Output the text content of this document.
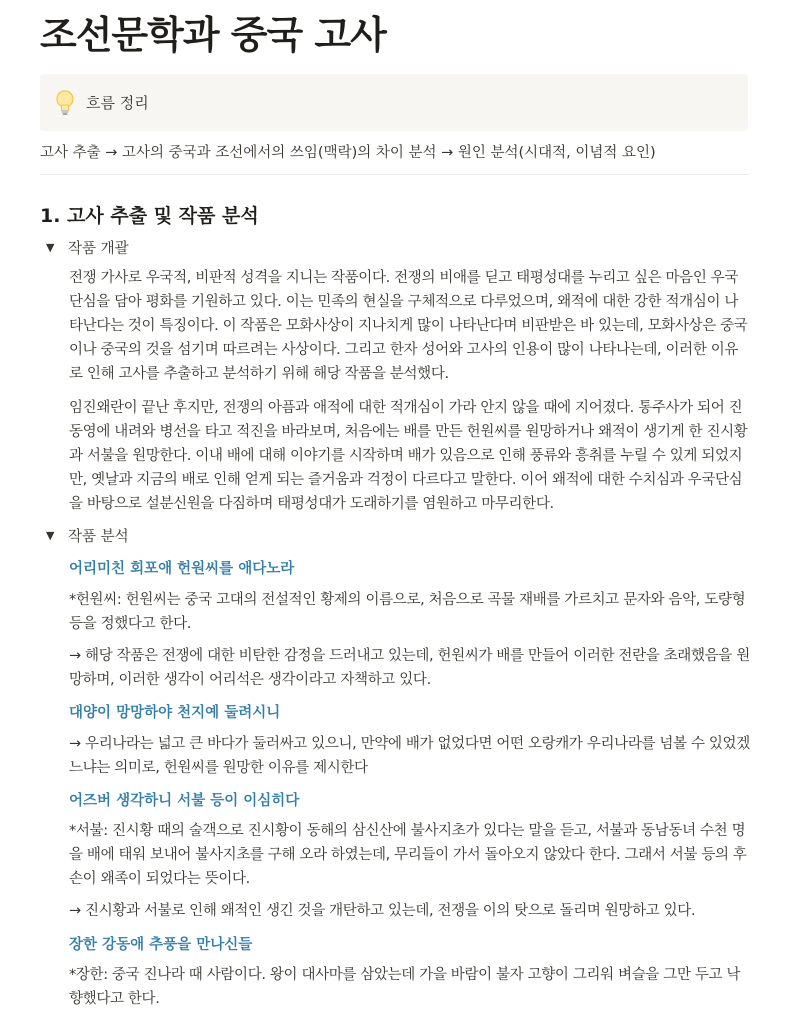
조선문학과 중국 고사
흐름 정리
고사 추출 → 고사의 중국과 조선에서의 쓰임(맥락)의 차이 분석 → 원인 분석(시대적, 이념적 요인)
1. 고사 추출 및 작품 분석
▼ 작품 개괄

전쟁 가사로 우국적, 비판적 성격을 지니는 작품이다. 전쟁의 비애를 딛고 태평성대를 누리고 싶은 마음인 우국단심을 담아 평화를 기원하고 있다. 이는 민족의 현실을 구체적으로 다루었으며, 왜적에 대한 강한 적개심이 나타난다는 것이 특징이다. 이 작품은 모화사상이 지나치게 많이 나타난다며 비판받은 바 있는데, 모화사상은 중국이나 중국의 것을 섬기며 따르려는 사상이다. 그리고 한자 성어와 고사의 인용이 많이 나타나는데, 이러한 이유로 인해 고사를 추출하고 분석하기 위해 해당 작품을 분석했다.

임진왜란이 끝난 후지만, 전쟁의 아픔과 애적에 대한 적개심이 가라 안지 않을 때에 지어졌다. 통주사가 되어 진동영에 내려와 병선을 타고 적진을 바라보며, 처음에는 배를 만든 헌원씨를 원망하거나 왜적이 생기게 한 진시황과 서불을 원망한다. 이내 배에 대해 이야기를 시작하며 배가 있음으로 인해 풍류와 흥취를 누릴 수 있게 되었지만, 옛날과 지금의 배로 인해 얻게 되는 즐거움과 걱정이 다르다고 말한다. 이어 왜적에 대한 수치심과 우국단심을 바탕으로 설분신원을 다짐하며 태평성대가 도래하기를 염원하고 마무리한다.

▼ 작품 분석

어리미친 회포애 헌원씨를 애다노라

*헌원씨: 헌원씨는 중국 고대의 전설적인 황제의 이름으로, 처음으로 곡물 재배를 가르치고 문자와 음악, 도량형 등을 정했다고 한다.

→ 해당 작품은 전쟁에 대한 비탄한 감정을 드러내고 있는데, 헌원씨가 배를 만들어 이러한 전란을 초래했음을 원망하며, 이러한 생각이 어리석은 생각이라고 자책하고 있다.

대양이 망망하야 천지예 둘려시니

→ 우리나라는 넓고 큰 바다가 둘러싸고 있으니, 만약에 배가 없었다면 어떤 오랑캐가 우리나라를 넘볼 수 있었겠느냐는 의미로, 헌원씨를 원망한 이유를 제시한다

어즈버 생각하니 서불 등이 이심히다

*서불: 진시황 때의 술객으로 진시황이 동해의 삼신산에 불사지초가 있다는 말을 듣고, 서불과 동남동녀 수천 명을 배에 태워 보내어 불사지초를 구해 오라 하였는데, 무리들이 가서 돌아오지 않았다 한다. 그래서 서불 등의 후손이 왜족이 되었다는 뜻이다.

→ 진시황과 서불로 인해 왜적인 생긴 것을 개탄하고 있는데, 전쟁을 이의 탓으로 돌리며 원망하고 있다.

장한 강동애 추풍을 만나신들

*장한: 중국 진나라 때 사람이다. 왕이 대사마를 삼았는데 가을 바람이 불자 고향이 그리워 벼슬을 그만 두고 낙향했다고 한다.
